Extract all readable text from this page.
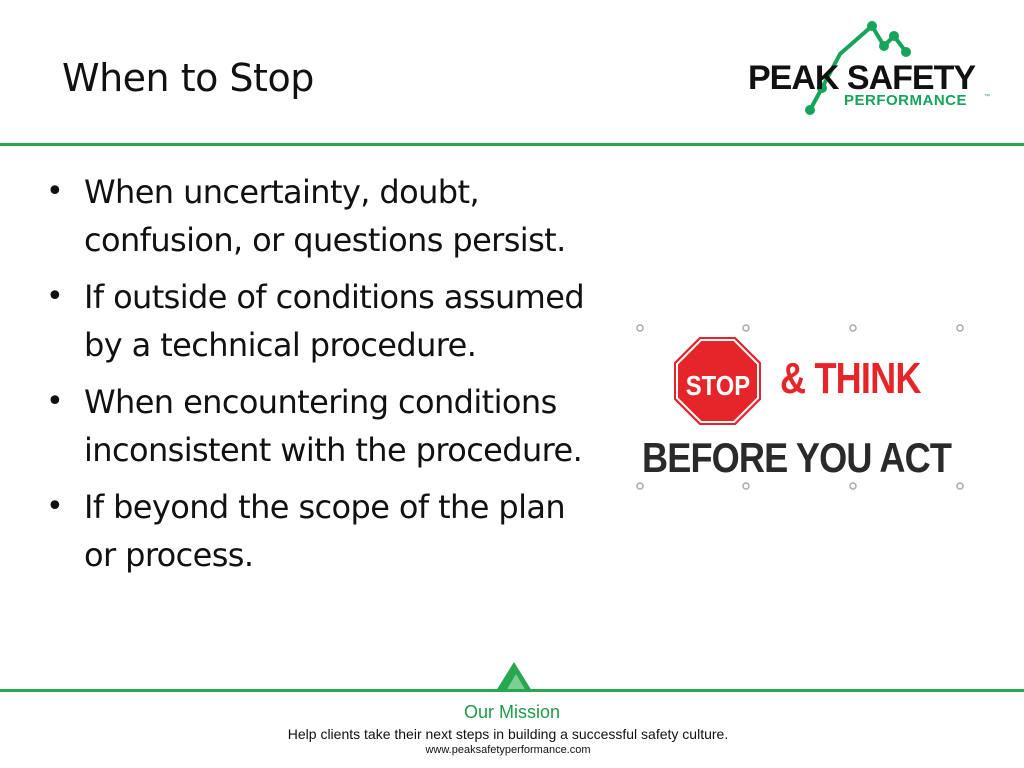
When to Stop	PEAK SAFETY
PERFORMANCE	™
• When uncertainty, doubt, confusion, or questions persist.
• If outside of conditions assumed by a technical procedure.
• When encountering conditions inconsistent with the procedure.
• If beyond the scope of the plan or process.
STOP & THINK
BEFORE YOU ACT
Our Mission
Help clients take their next steps in building a successful safety culture.
www.peaksafetyperformance.com
